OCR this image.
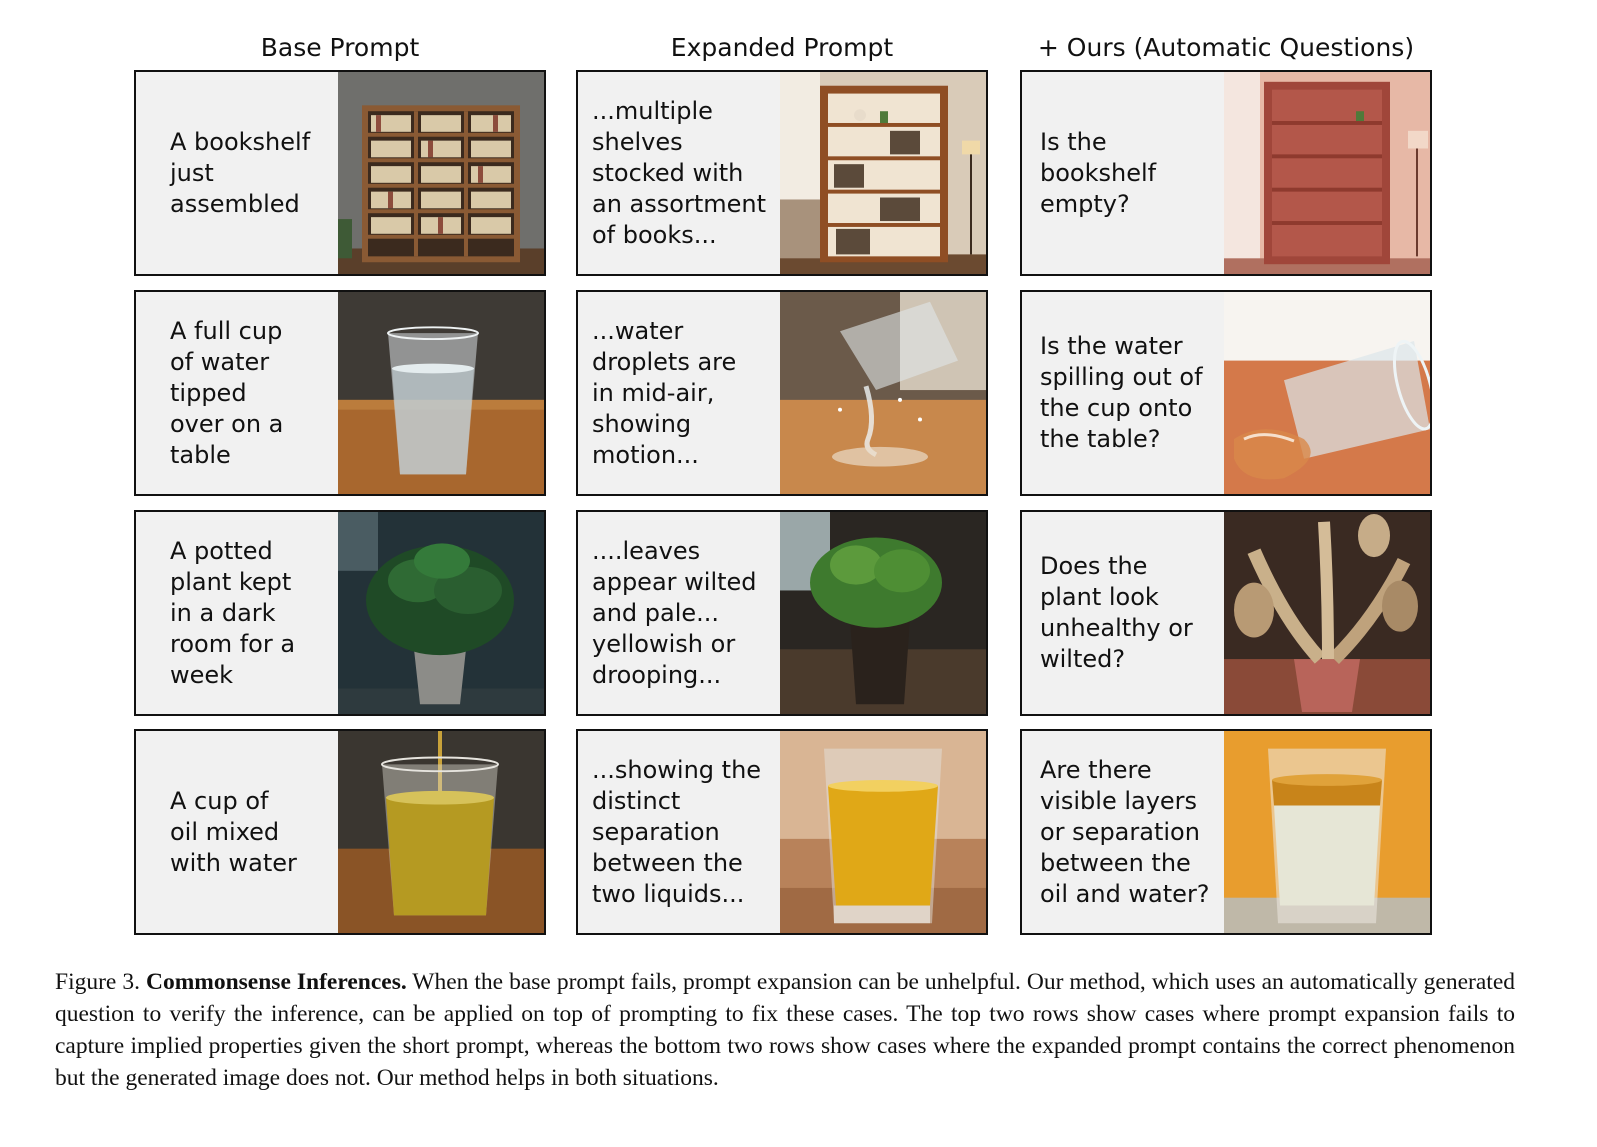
Base Prompt	Expanded Prompt	+ Ours (Automatic Questions)
A bookshelf
just
assembled
...multiple
shelves
stocked with
an assortment
of books...
Is the
bookshelf
empty?
A full cup
of water
tipped
over on a
table
...water
droplets are
in mid-air,
showing
motion...
Is the water
spilling out of
the cup onto
the table?
A potted
plant kept
in a dark
room for a
week
....leaves
appear wilted
and pale...
yellowish or
drooping...
Does the
plant look
unhealthy or
wilted?
A cup of
oil mixed
with water
...showing the
distinct
separation
between the
two liquids...
Are there
visible layers
or separation
between the
oil and water?
Figure 3. Commonsense Inferences. When the base prompt fails, prompt expansion can be unhelpful. Our method, which uses an automatically generated question to verify the inference, can be applied on top of prompting to fix these cases. The top two rows show cases where prompt expansion fails to capture implied properties given the short prompt, whereas the bottom two rows show cases where the expanded prompt contains the correct phenomenon but the generated image does not. Our method helps in both situations.
